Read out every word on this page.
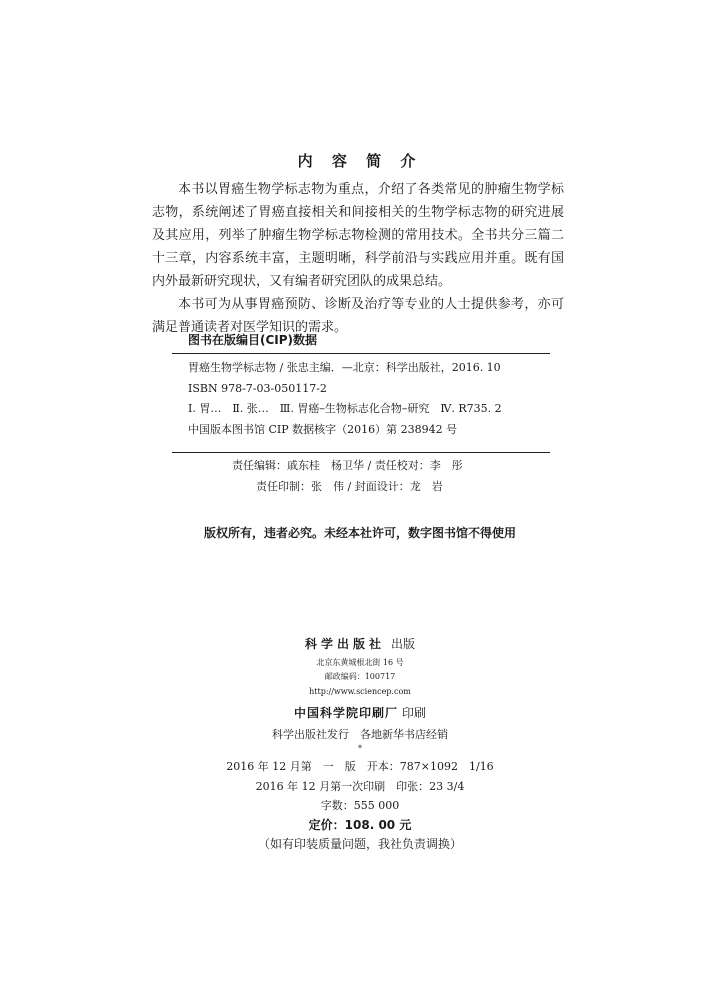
内 容 简 介

本书以胃癌生物学标志物为重点，介绍了各类常见的肿瘤生物学标志物，系统阐述了胃癌直接相关和间接相关的生物学标志物的研究进展及其应用，列举了肿瘤生物学标志物检测的常用技术。全书共分三篇二十三章，内容系统丰富，主题明晰，科学前沿与实践应用并重。既有国内外最新研究现状，又有编者研究团队的成果总结。

本书可为从事胃癌预防、诊断及治疗等专业的人士提供参考，亦可满足普通读者对医学知识的需求。

图书在版编目(CIP)数据
胃癌生物学标志物 / 张忠主编．—北京：科学出版社，2016. 10
ISBN 978-7-03-050117-2
Ⅰ. 胃…　Ⅱ. 张…　Ⅲ. 胃癌–生物标志化合物–研究　Ⅳ. R735. 2
中国版本图书馆 CIP 数据核字（2016）第 238942 号
责任编辑：戚东桂　杨卫华 / 责任校对：李　彤
责任印制：张　伟 / 封面设计：龙　岩
版权所有，违者必究。未经本社许可，数字图书馆不得使用
科学出版社 出版
北京东黄城根北街 16 号
邮政编码：100717
http://www.sciencep.com
中国科学院印刷厂 印刷
科学出版社发行　各地新华书店经销
*
2016 年 12 月第　一　版　开本：787×1092　1/16
2016 年 12 月第一次印刷　印张：23 3/4
字数：555 000
定价：108. 00 元
（如有印装质量问题，我社负责调换）
